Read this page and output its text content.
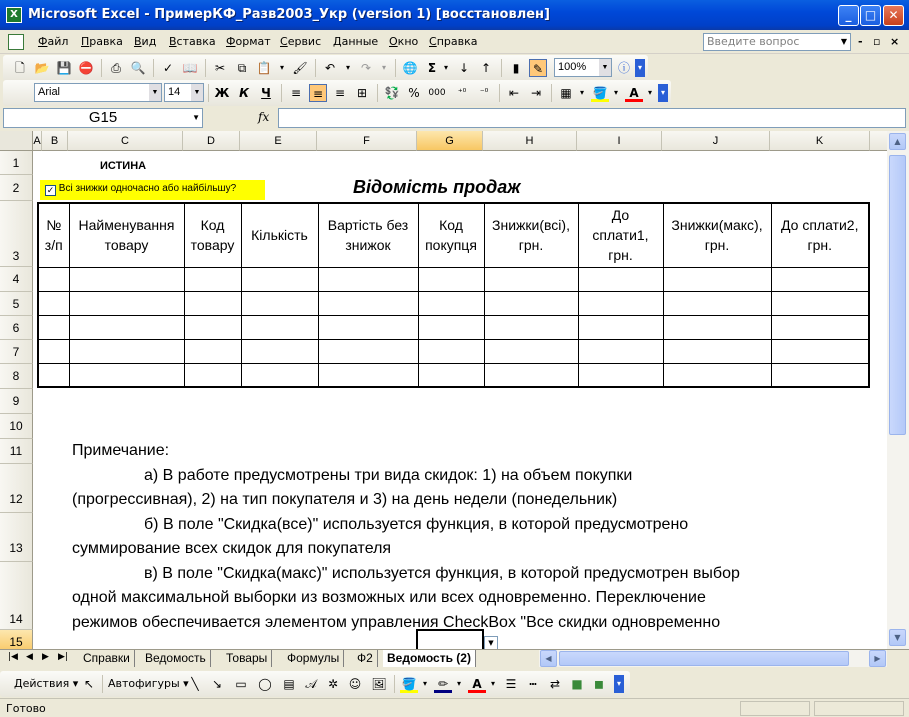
X Microsoft Excel - ПримерКФ_Разв2003_Укр (version 1) [восстановлен]	_	□	✕
Файл Правка Вид Вставка Формат Сервис Данные Окно Справка	Введите вопрос	▼ - ▫ ×
🗋 📂 💾 ⛔	⎙ 🔍	✓ 📖	✂	⧉ 📋	▾ 🖌	↶	▾ ↷	▾ 🌐 Σ ▾ ↓ ↑	▮	✎	100%	▼ ⓘ ▾
Arial	▼ 14	▼ Ж К	Ч	≡ ≡ ≡ ⊞	💱 % 000	⁺⁰	⁻⁰	⇤ ⇥	▦	▾ 🪣 ▾ A	▾	▾
G15	▼	fx
A B	C	D	E	F	G	H	I	J	K
1
2
3
4
5
6
7
8
9
10
11
12
13
14
15
ИСТИНА
✓ Всі знижки одночасно або найбільшу?	Відомість продаж
№
з/п	Найменування
товару	Код
товару	Кількість	Вартість без
знижок	Код
покупця	Знижки(всі),
грн.	До
сплати1,
грн.	Знижки(макс),
грн.	До сплати2,
грн.

Примечание:
а) В работе предусмотрены три вида скидок: 1) на объем покупки
(прогрессивная), 2) на тип покупателя и 3) на день недели (понедельник)
б) В поле "Скидка(все)" используется функция, в которой предусмотрено
суммирование всех скидок для покупателя
в) В поле "Скидка(макс)" используется функция, в которой предусмотрен выбор
одной максимальной выборки из возможных или всех одновременно. Переключение
режимов обеспечивается элементом управления CheckBox "Все скидки одновременно
▼
▲
▼
|◀ ◀ ▶ ▶|	Справки	Ведомость	Товары	Формулы	Ф2	Ведомость (2)	◀	▶
Действия ▾ ↖	Автофигуры ▾ ╲	↘	▭ ◯ ▤ 𝒜 ✲ ☺ 🖼 🪣 ▾ ✏	▾ A	▾ ☰	┅	⇄ ■ ◼	▾
Готово
